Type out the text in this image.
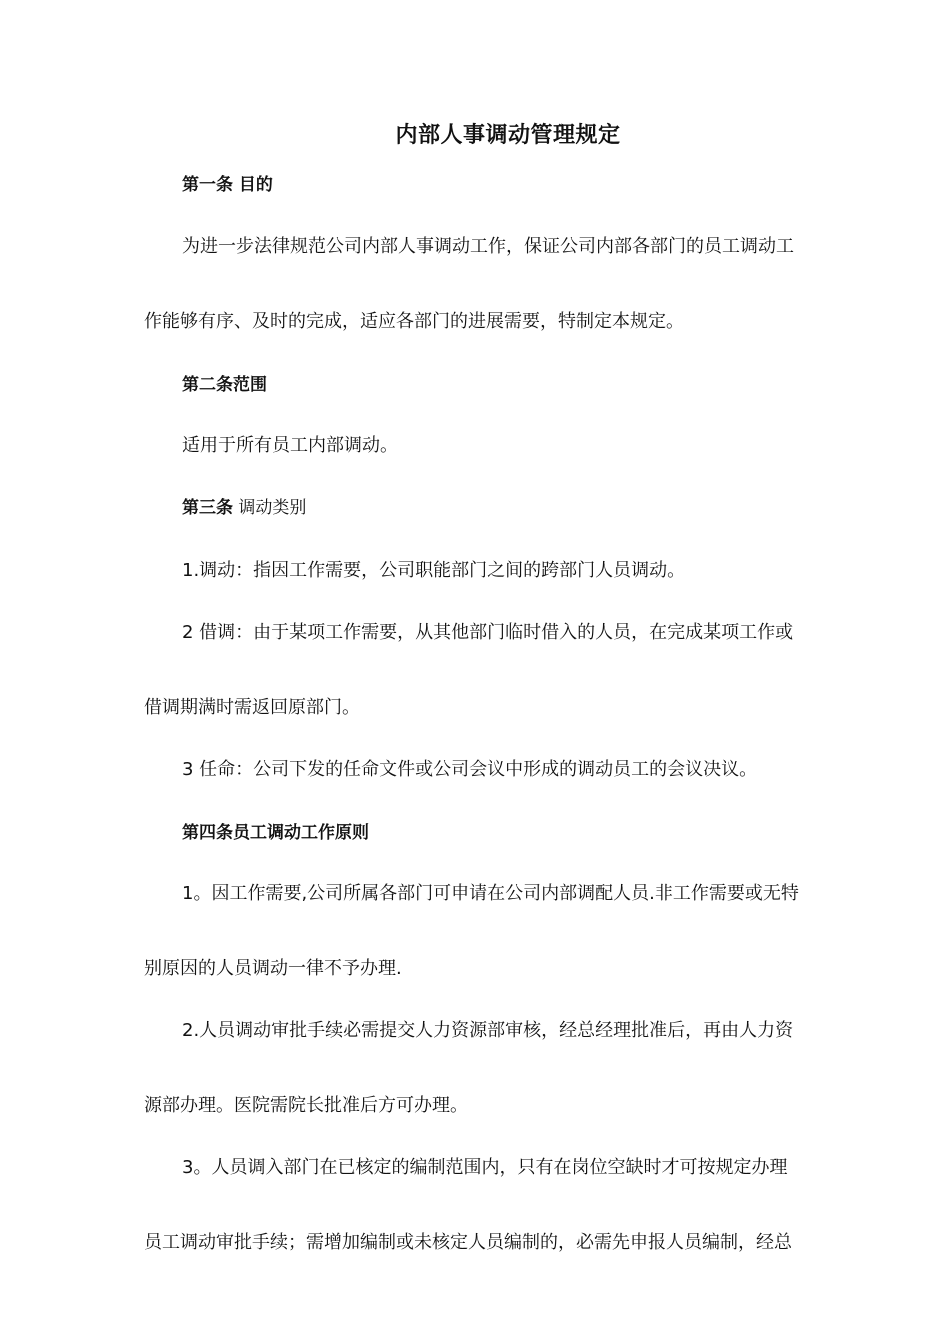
内部人事调动管理规定
第一条 目的
为进一步法律规范公司内部人事调动工作，保证公司内部各部门的员工调动工
作能够有序、及时的完成，适应各部门的进展需要，特制定本规定。
第二条范围
适用于所有员工内部调动。
第三条 调动类别
1.调动：指因工作需要，公司职能部门之间的跨部门人员调动。
2 借调：由于某项工作需要，从其他部门临时借入的人员，在完成某项工作或
借调期满时需返回原部门。
3 任命：公司下发的任命文件或公司会议中形成的调动员工的会议决议。
第四条员工调动工作原则
1。因工作需要,公司所属各部门可申请在公司内部调配人员.非工作需要或无特
别原因的人员调动一律不予办理.
2.人员调动审批手续必需提交人力资源部审核，经总经理批准后，再由人力资
源部办理。医院需院长批准后方可办理。
3。人员调入部门在已核定的编制范围内，只有在岗位空缺时才可按规定办理
员工调动审批手续；需增加编制或未核定人员编制的，必需先申报人员编制，经总
